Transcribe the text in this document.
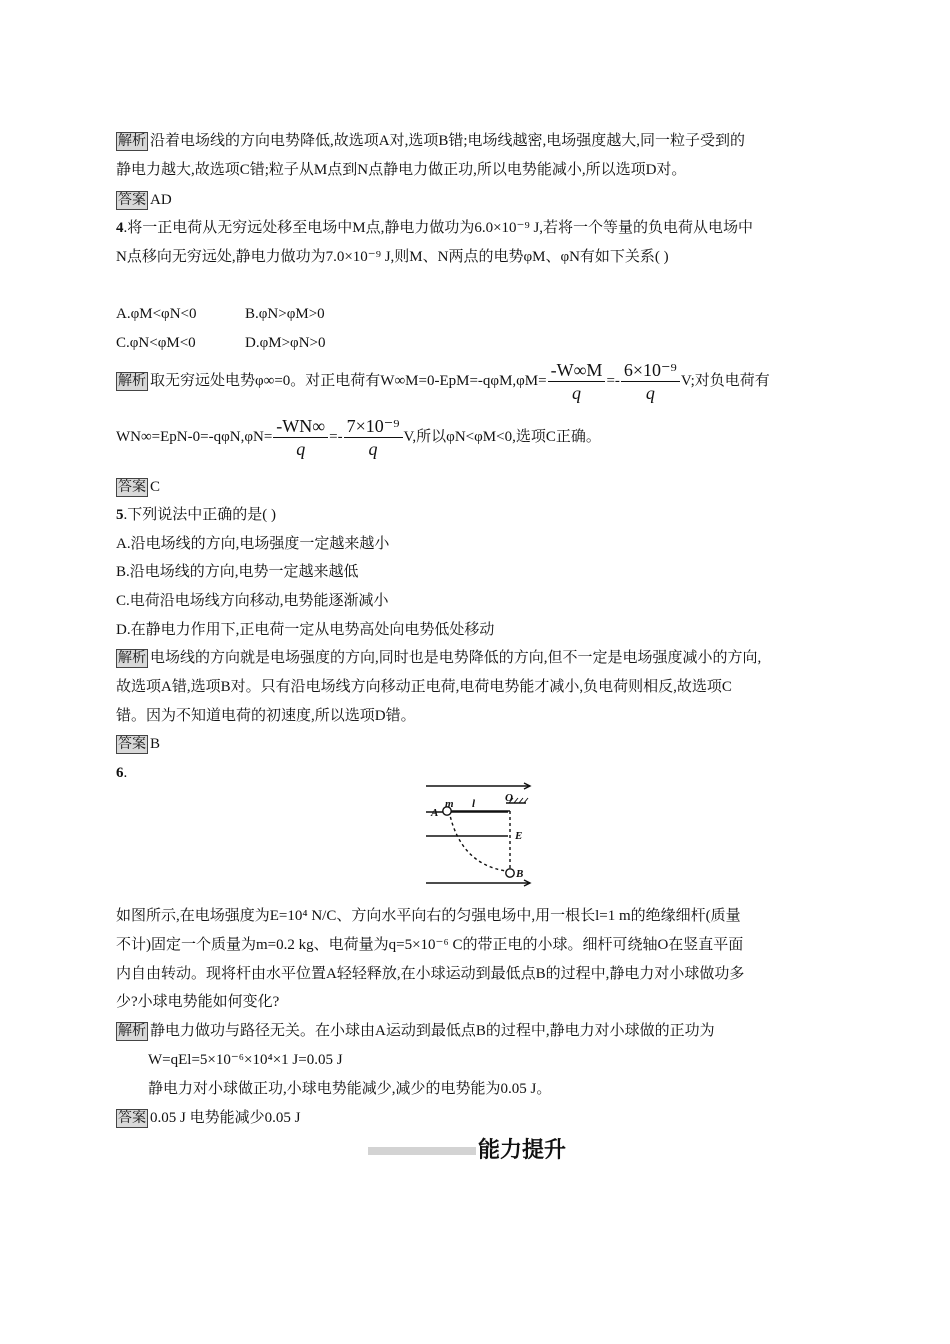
解析 沿着电场线的方向电势降低,故选项A对,选项B错;电场线越密,电场强度越大,同一粒子受到的
静电力越大,故选项C错;粒子从M点到N点静电力做正功,所以电势能减小,所以选项D对。
答案 AD
4.将一正电荷从无穷远处移至电场中M点,静电力做功为6.0×10⁻⁹ J,若将一个等量的负电荷从电场中
N点移向无穷远处,静电力做功为7.0×10⁻⁹ J,则M、N两点的电势φM、φN有如下关系( )
A.φM<φN<0	B.φN>φM>0
C.φN<φM<0	D.φM>φN>0
解析 取无穷远处电势φ∞=0。对正电荷有$W\infty M=0-EpM=-q\varphi M,\varphi M= \frac{-W\infty M}{q} =- \frac{\text{6×10⁻⁹}}{q} V$;对负电荷有
$WN\infty=EpN-0=-q\varphi N,\varphi N= \frac{-WN\infty}{q} =- \frac{\text{7×10⁻⁹}}{q} V$,所以φN<φM<0,选项C正确。
答案 C
5.下列说法中正确的是( )
A.沿电场线的方向,电场强度一定越来越小
B.沿电场线的方向,电势一定越来越低
C.电荷沿电场线方向移动,电势能逐渐减小
D.在静电力作用下,正电荷一定从电势高处向电势低处移动
解析 电场线的方向就是电场强度的方向,同时也是电势降低的方向,但不一定是电场强度减小的方向,
故选项A错,选项B对。只有沿电场线方向移动正电荷,电荷电势能才减小,负电荷则相反,故选项C
错。因为不知道电荷的初速度,所以选项D错。
答案 B
6.
m l	O
A
E
B
如图所示,在电场强度为E=10⁴ N/C、方向水平向右的匀强电场中,用一根长l=1 m的绝缘细杆(质量
不计)固定一个质量为m=0.2 kg、电荷量为q=5×10⁻⁶ C的带正电的小球。细杆可绕轴O在竖直平面
内自由转动。现将杆由水平位置A轻轻释放,在小球运动到最低点B的过程中,静电力对小球做功多
少?小球电势能如何变化?
解析 静电力做功与路径无关。在小球由A运动到最低点B的过程中,静电力对小球做的正功为
W=qEl=5×10⁻⁶×10⁴×1 J=0.05 J
静电力对小球做正功,小球电势能减少,减少的电势能为0.05 J。
答案 0.05 J 电势能减少0.05 J
能力提升
